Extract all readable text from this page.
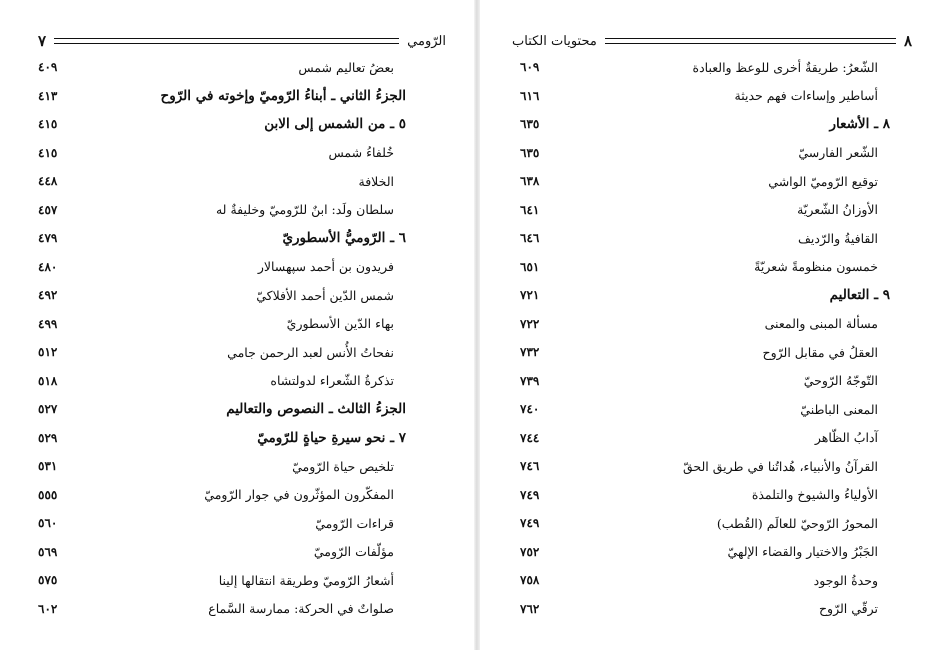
۷	الرّومي
٤٠٩	بعضُ تعاليم شمس
٤١٣	الجزءُ الثاني ـ أبناءُ الرّوميّ وإخوته في الرّوح
٤١٥	٥ ـ من الشمس إلى الابن
٤١٥	خُلفاءُ شمس
٤٤٨	الخلافة
٤٥٧	سلطان ولَد: ابنٌ للرّوميّ وخليفةٌ له
٤٧٩	٦ ـ الرّوميُّ الأسطوريّ
٤٨٠	فريدون بن أحمد سپهسالار
٤٩٢	شمس الدّين أحمد الأفلاكيّ
٤٩٩	بهاء الدّين الأسطوريّ
٥١٢	نفحاتُ الأُنس لعبد الرحمن جامي
٥١٨	تذكرةُ الشّعراء لدولتشاه
٥٢٧	الجزءُ الثالث ـ النصوص والتعاليم
٥٢٩	٧ ـ نحو سيرةِ حياةٍ للرّوميّ
٥٣١	تلخيص حياة الرّوميّ
٥٥٥	المفكّرون المؤثّرون في جوار الرّوميّ
٥٦٠	قراءات الرّوميّ
٥٦٩	مؤلّفات الرّوميّ
٥٧٥	أشعارُ الرّوميّ وطريقة انتقالها إلينا
٦٠٢	صلواتٌ في الحركة: ممارسة السَّماع
محتويات الكتاب	۸
٦٠٩	الشّعرُ: طريقةٌ أخرى للوعظ والعبادة
٦١٦	أساطير وإساءات فهم حديثة
٦٣٥	٨ ـ الأشعار
٦٣٥	الشّعر الفارسيّ
٦٣٨	توقيع الرّوميّ الواشي
٦٤١	الأوزانُ الشّعريّة
٦٤٦	القافيةُ والرّديف
٦٥١	خمسون منظومةً شعريّةً
٧٢١	٩ ـ التعاليم
٧٢٢	مسألة المبنى والمعنى
٧٣٢	العقلُ في مقابل الرّوح
٧٣٩	التّوجّهُ الرّوحيّ
٧٤٠	المعنى الباطنيّ
٧٤٤	آدابُ الظّاهر
٧٤٦	القرآنُ والأنبياء، هُداتُنا في طريق الحقّ
٧٤٩	الأولياءُ والشيوخ والتلمذة
٧٤٩	المحورُ الرّوحيّ للعالَم (القُطب)
٧٥٢	الجَبْرُ والاختيار والقضاء الإلهيّ
٧٥٨	وحدةُ الوجود
٧٦٢	ترقّي الرّوح
